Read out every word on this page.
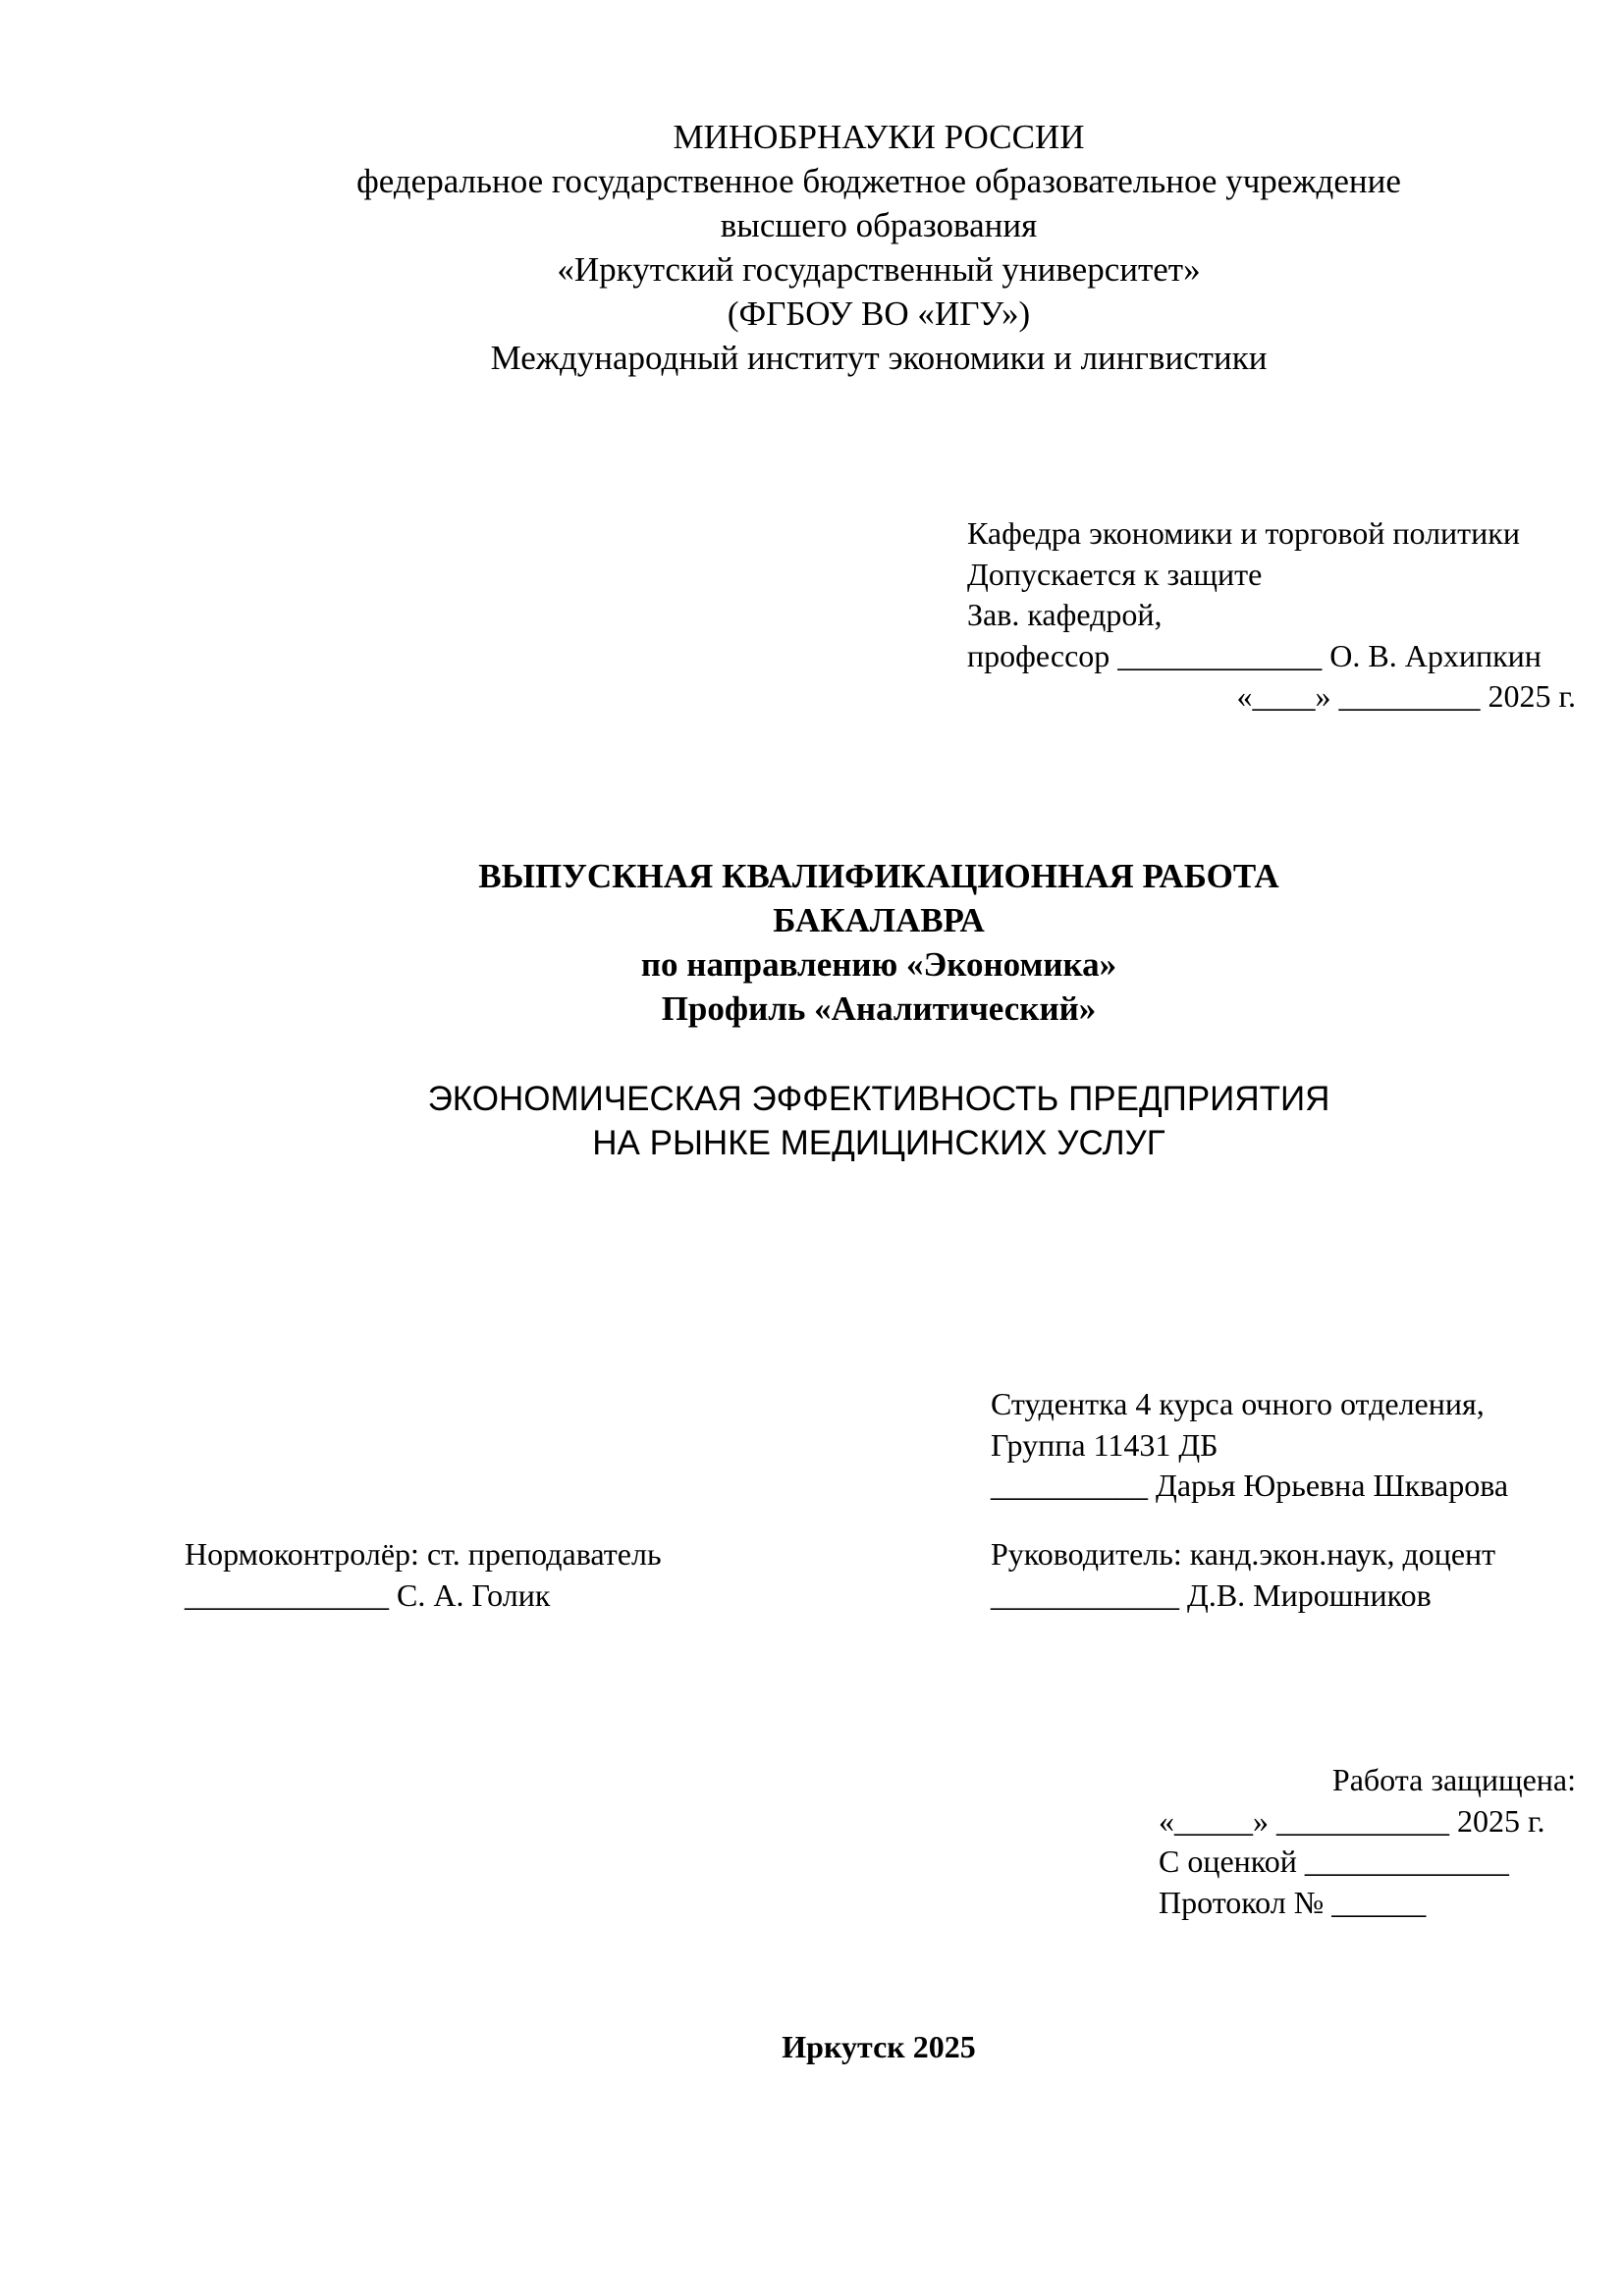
МИНОБРНАУКИ РОССИИ
федеральное государственное бюджетное образовательное учреждение
высшего образования
«Иркутский государственный университет»
(ФГБОУ ВО «ИГУ»)
Международный институт экономики и лингвистики
Кафедра экономики и торговой политики
Допускается к защите
Зав. кафедрой,
профессор _____________ О. В. Архипкин
«____» _________ 2025 г.
ВЫПУСКНАЯ КВАЛИФИКАЦИОННАЯ РАБОТА
БАКАЛАВРА
по направлению «Экономика»
Профиль «Аналитический»
ЭКОНОМИЧЕСКАЯ ЭФФЕКТИВНОСТЬ ПРЕДПРИЯТИЯ
НА РЫНКЕ МЕДИЦИНСКИХ УСЛУГ
Студентка 4 курса очного отделения,
Группа 11431 ДБ
__________ Дарья Юрьевна Шкварова
Нормоконтролёр: ст. преподаватель
_____________ С. А. Голик
Руководитель: канд.экон.наук, доцент
____________ Д.В. Мирошников
Работа защищена:
«_____» ___________ 2025 г.
С оценкой _____________
Протокол № ______
Иркутск 2025
